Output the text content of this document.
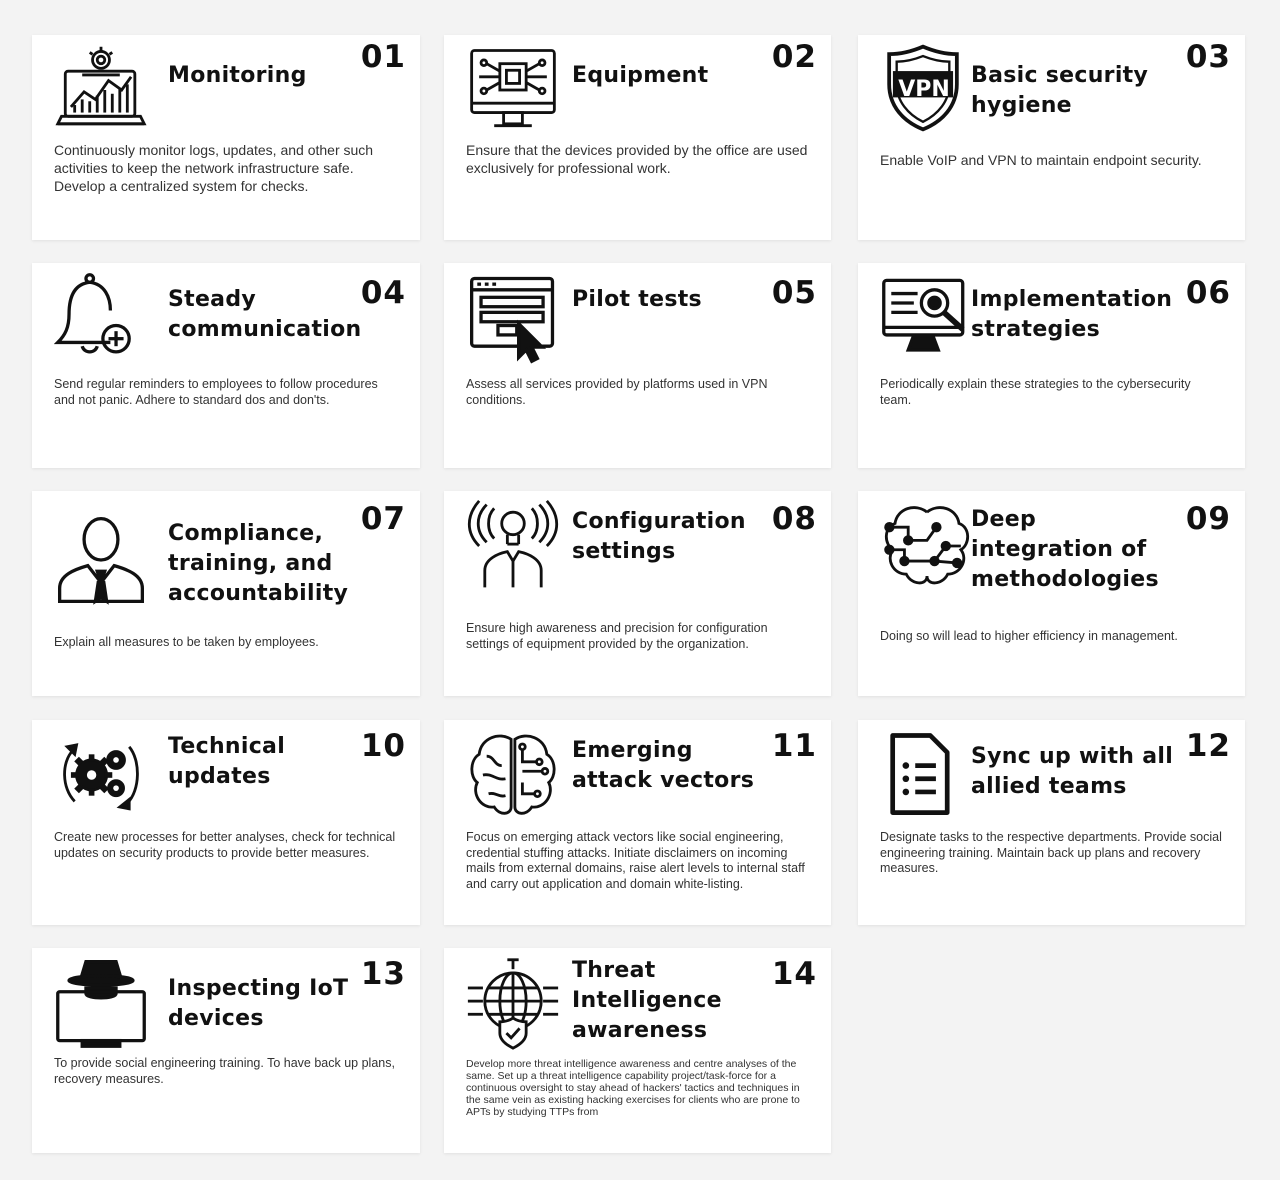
Monitoring
01
Continuously monitor logs, updates, and other such activities to keep the network infrastructure safe. Develop a centralized system for checks.
Equipment
02
Ensure that the devices provided by the office are used exclusively for professional work.
VPN
Basic security hygiene
03
Enable VoIP and VPN to maintain endpoint security.
Steady communication
04
Send regular reminders to employees to follow procedures and not panic. Adhere to standard dos and don'ts.
Pilot tests	05
Assess all services provided by platforms used in VPN conditions.
Implementation strategies
06
Periodically explain these strategies to the cybersecurity team.
Compliance, training, and accountability
07
Explain all measures to be taken by employees.
Configuration settings
08
Ensure high awareness and precision for configuration settings of equipment provided by the organization.
Deep integration of methodologies
09
Doing so will lead to higher efficiency in management.
Technical updates
10
Create new processes for better analyses, check for technical updates on security products to provide better measures.
Emerging attack vectors
11
Focus on emerging attack vectors like social engineering, credential stuffing attacks. Initiate disclaimers on incoming mails from external domains, raise alert levels to internal staff and carry out application and domain white-listing.
Sync up with all allied teams
12
Designate tasks to the respective departments. Provide social engineering training. Maintain back up plans and recovery measures.
Inspecting IoT devices
13
To provide social engineering training. To have back up plans, recovery measures.
Threat Intelligence awareness
14
Develop more threat intelligence awareness and centre analyses of the same. Set up a threat intelligence capability project/task-force for a continuous oversight to stay ahead of hackers' tactics and techniques in the same vein as existing hacking exercises for clients who are prone to APTs by studying TTPs from
